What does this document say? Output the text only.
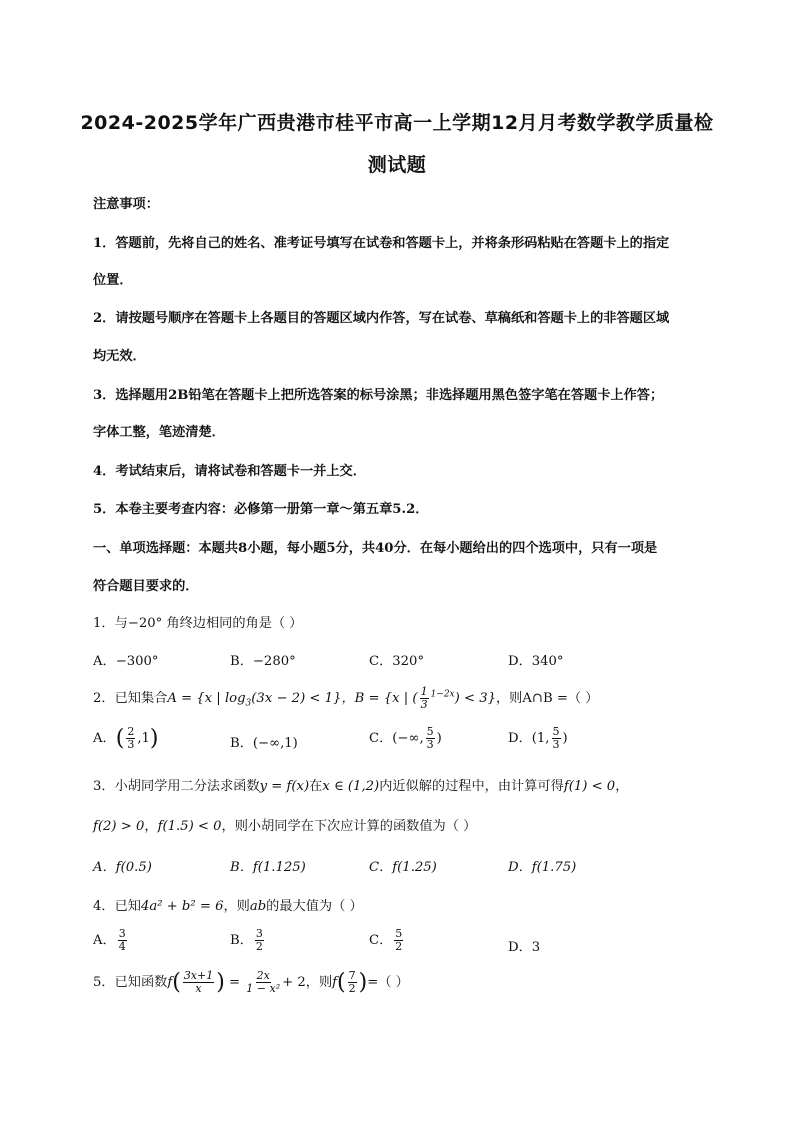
2024-2025学年广西贵港市桂平市高一上学期12月月考数学教学质量检
测试题
注意事项：
1．答题前，先将自己的姓名、准考证号填写在试卷和答题卡上，并将条形码粘贴在答题卡上的指定
位置．
2．请按题号顺序在答题卡上各题目的答题区域内作答，写在试卷、草稿纸和答题卡上的非答题区域
均无效．
3．选择题用2B铅笔在答题卡上把所选答案的标号涂黑；非选择题用黑色签字笔在答题卡上作答；
字体工整，笔迹清楚．
4．考试结束后，请将试卷和答题卡一并上交．
5．本卷主要考查内容：必修第一册第一章～第五章5.2．
一、单项选择题：本题共8小题，每小题5分，共40分．在每小题给出的四个选项中，只有一项是
符合题目要求的．
1．与−20° 角终边相同的角是（ ）
A．−300°	B．−280°	C．320°	D．340°
2．已知集合A = {x | $\log_3(3x - 2) < 1$}，B = {x | ( $\frac{1}{3} ^{1-2x}) < 3$}，则A∩B =（ ）
A．( $\frac{2}{3} ,1$)	B．(−∞,1)	C．(−∞, $\frac{5}{3}$ )	D．(1, $\frac{5}{3}$ )
3．小胡同学用二分法求函数y = f(x)在x ∈ (1,2)内近似解的过程中，由计算可得f(1) < 0，
f(2) > 0，f(1.5) < 0，则小胡同学在下次应计算的函数值为（ ）
A．f(0.5)	B．f(1.125)	C．f(1.25)	D．f(1.75)
4．已知4a² + b² = 6，则ab的最大值为（ ）
A． $\frac{3}{4}$	B． $\frac{3}{2}$	C． $\frac{5}{2}$	D．3
5．已知函数$f( \frac{3x+1}{x}$ ) = $\frac{2x}{\text{1 − x²}} + 2$，则$f( \frac{7}{2}$ )=（ ）
